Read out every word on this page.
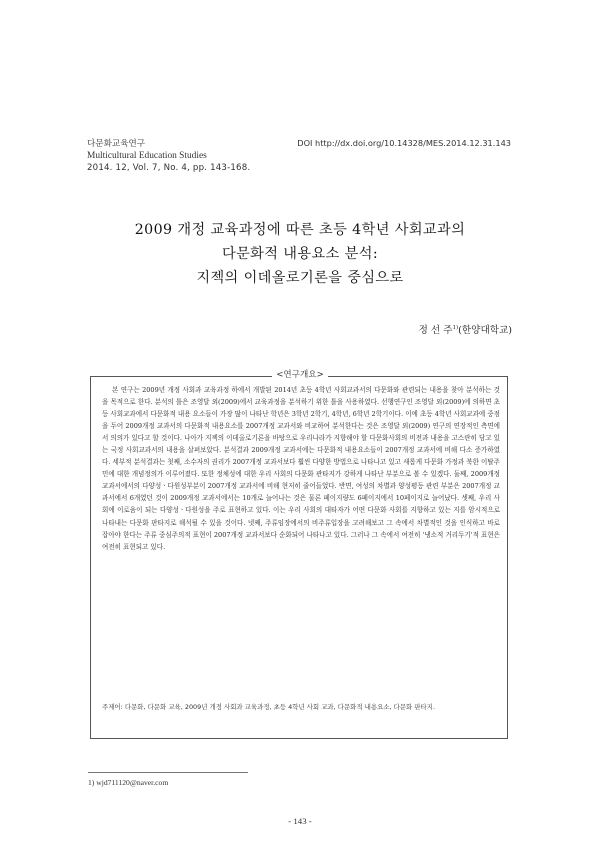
다문화교육연구	DOI http://dx.doi.org/10.14328/MES.2014.12.31.143
Multicultural Education Studies
2014. 12, Vol. 7, No. 4, pp. 143-168.
2009 개정 교육과정에 따른 초등 4학년 사회교과의
다문화적 내용요소 분석:
지젝의 이데올로기론을 중심으로
정 선 주$^{1)}$(한양대학교)
<연구개요>

본 연구는 2009년 개정 사회과 교육과정 하에서 개발된 2014년 초등 4학년 사회교과서의 다문화와 관련되는 내용을 찾아 분석하는 것을 목적으로 한다. 분석의 틀은 조영달 외(2009)에서 교육과정을 분석하기 위한 틀을 사용하였다. 선행연구인 조영달 외(2009)에 의하면 초등 사회교과에서 다문화적 내용 요소들이 가장 많이 나타난 학년은 3학년 2학기, 4학년, 6학년 2학기이다. 이에 초등 4학년 사회교과에 중점을 두어 2009개정 교과서의 다문화적 내용요소를 2007개정 교과서와 비교하여 분석한다는 것은 조영달 외(2009) 연구의 연장적인 측면에서 의의가 있다고 할 것이다. 나아가 지젝의 이데올로기론을 바탕으로 우리나라가 지향해야 할 다문화사회의 비전과 내용을 고스란히 담고 있는 국정 사회교과서의 내용을 살펴보았다. 분석결과 2009개정 교과서에는 다문화적 내용요소들이 2007개정 교과서에 비해 다소 증가하였다. 세부적 분석결과는 첫째, 소수자의 권리가 2007개정 교과서보다 훨씬 다양한 방법으로 나타나고 있고 새롭게 다문화 가정과 북한 이탈주민에 대한 개념정의가 이루어졌다. 또한 정체성에 대한 우리 사회의 다문화 관타지가 강하게 나타난 부분으로 볼 수 있겠다. 둘째, 2009개정 교과서에서의 다양성ㆍ다원성부분이 2007개정 교과서에 비해 현저히 줄어들었다. 반면, 여성의 차별과 양성평등 관련 부분은 2007개정 교과서에서 6개였던 것이 2009개정 교과서에서는 10개로 늘어나는 것은 물론 페이지량도 6페이지에서 10페이지로 늘어났다. 셋째, 우리 사회에 이로움이 되는 다양성ㆍ다원성을 주로 표현하고 있다. 이는 우리 사회의 대타자가 어떤 다문화 사회를 지향하고 있는 지를 암시적으로 나타내는 다문화 판타지로 해석될 수 있을 것이다. 넷째, 주류임장에서의 비주류입장을 고려해보고 그 속에서 차별적인 것을 인식하고 바로 잡아야 한다는 주류 중심주의적 표현이 2007개정 교과서보다 순화되어 나타나고 있다. 그러나 그 속에서 여전히 '냉소적 거리두기'적 표현은 여전히 표현되고 있다.

주제어: 다문화, 다문화 교육, 2009년 개정 사회과 교육과정, 초등 4학년 사회 교과, 다문화적 내용요소, 다문화 판타지.
1) wjd711120@naver.com
- 143 -
